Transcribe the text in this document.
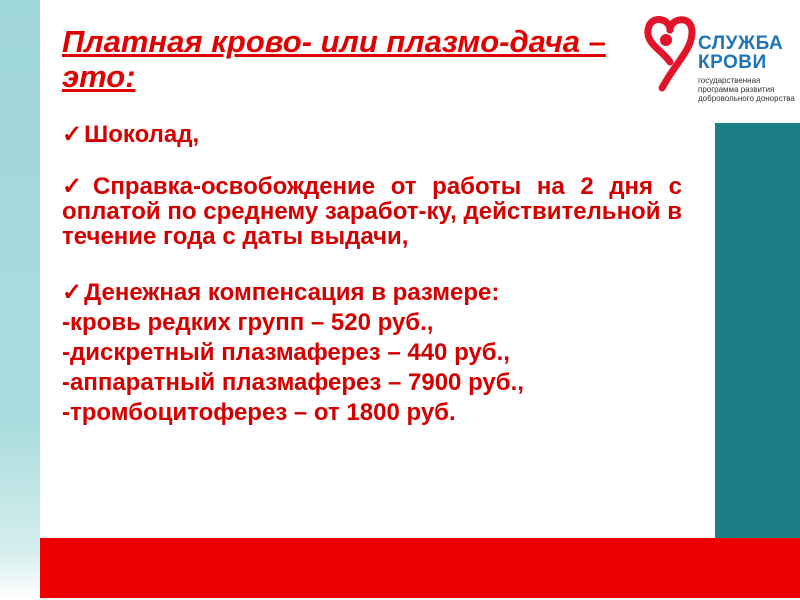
СЛУЖБА КРОВИ
государственная программа развития добровольного донорства
Платная крово- или плазмо-дача – это:

✓Шоколад,

✓Справка-освобождение от работы на 2 дня с оплатой по среднему заработ-ку, действительной в течение года с даты выдачи,

✓Денежная компенсация в размере:

-кровь редких групп – 520 руб.,

-дискретный плазмаферез – 440 руб.,

-аппаратный плазмаферез – 7900 руб.,

-тромбоцитоферез – от 1800 руб.
